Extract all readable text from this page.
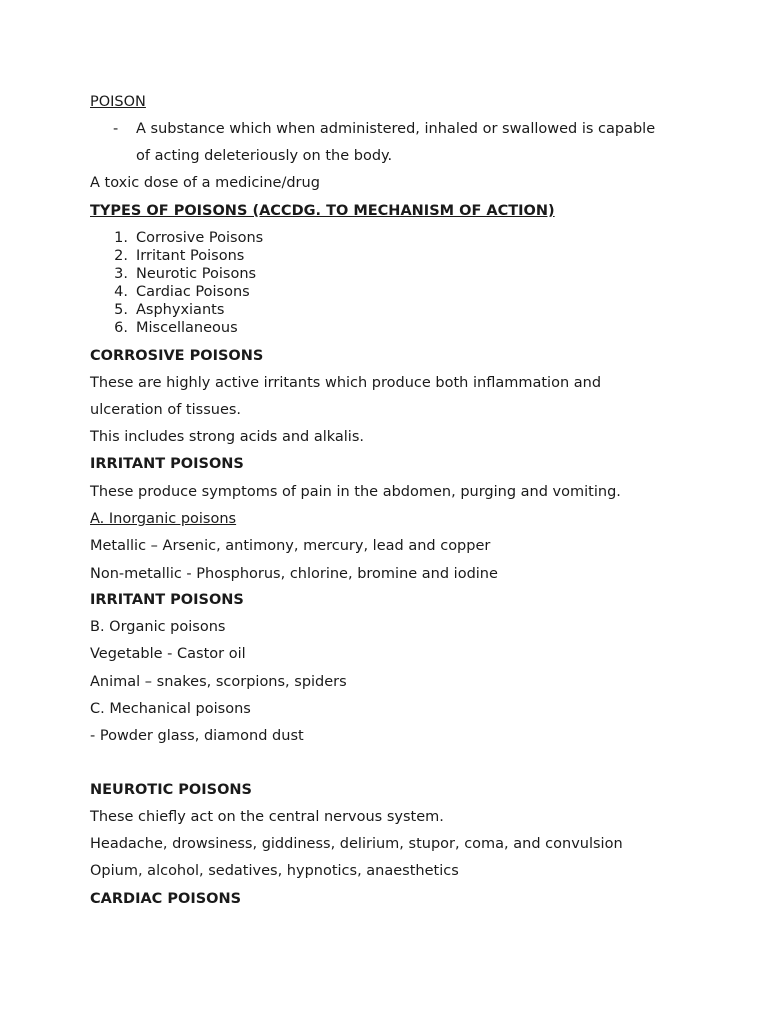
POISON
- A substance which when administered, inhaled or swallowed is capable
of acting deleteriously on the body.
A toxic dose of a medicine/drug
TYPES OF POISONS (ACCDG. TO MECHANISM OF ACTION)
1. Corrosive Poisons
2. Irritant Poisons
3. Neurotic Poisons
4. Cardiac Poisons
5. Asphyxiants
6. Miscellaneous
CORROSIVE POISONS
These are highly active irritants which produce both inflammation and
ulceration of tissues.
This includes strong acids and alkalis.
IRRITANT POISONS
These produce symptoms of pain in the abdomen, purging and vomiting.
A. Inorganic poisons
Metallic – Arsenic, antimony, mercury, lead and copper
Non-metallic - Phosphorus, chlorine, bromine and iodine
IRRITANT POISONS
B. Organic poisons
Vegetable - Castor oil
Animal – snakes, scorpions, spiders
C. Mechanical poisons
- Powder glass, diamond dust
NEUROTIC POISONS
These chiefly act on the central nervous system.
Headache, drowsiness, giddiness, delirium, stupor, coma, and convulsion
Opium, alcohol, sedatives, hypnotics, anaesthetics
CARDIAC POISONS
